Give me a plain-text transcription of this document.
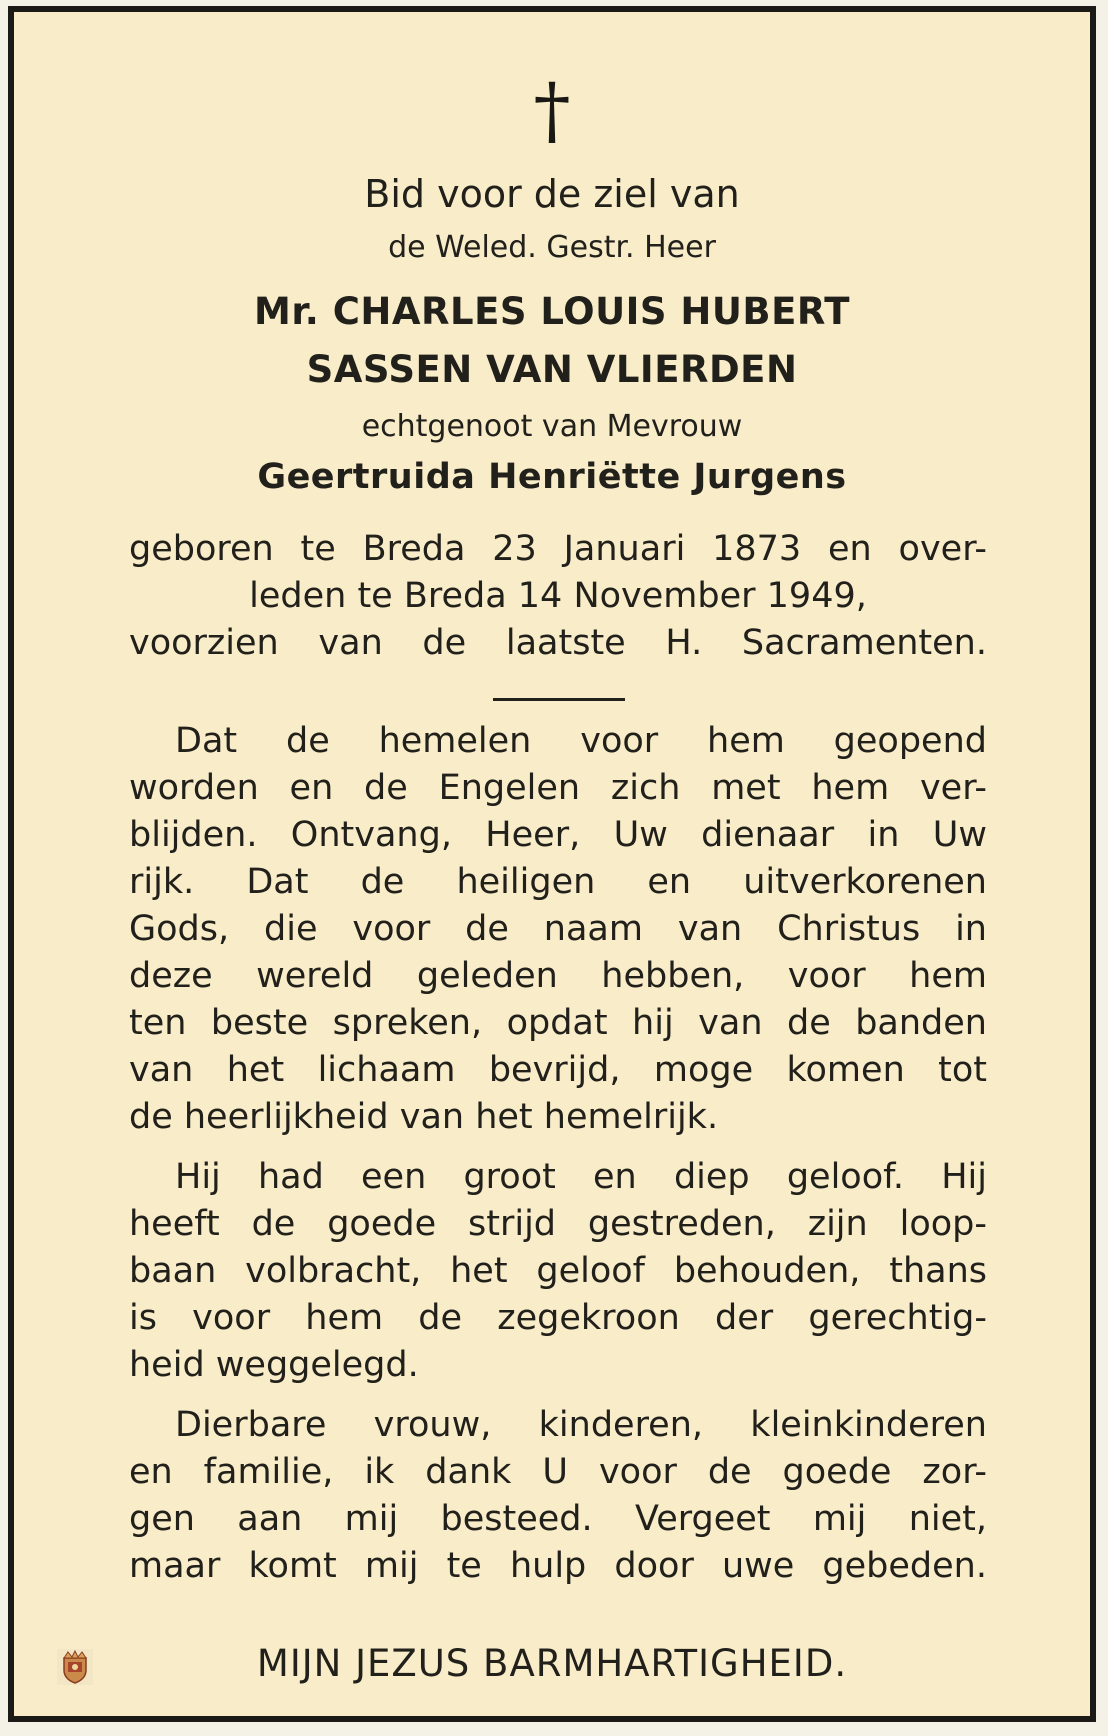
†
Bid voor de ziel van
de Weled. Gestr. Heer
Mr. CHARLES LOUIS HUBERT
SASSEN VAN VLIERDEN
echtgenoot van Mevrouw
Geertruida Henriëtte Jurgens
geboren te Breda 23 Januari 1873 en over-
leden te Breda 14 November 1949,
voorzien van de laatste H. Sacramenten.
Dat de hemelen voor hem geopend
worden en de Engelen zich met hem ver-
blijden. Ontvang, Heer, Uw dienaar in Uw
rijk. Dat de heiligen en uitverkorenen
Gods, die voor de naam van Christus in
deze wereld geleden hebben, voor hem
ten beste spreken, opdat hij van de banden
van het lichaam bevrijd, moge komen tot
de heerlijkheid van het hemelrijk.
Hij had een groot en diep geloof. Hij
heeft de goede strijd gestreden, zijn loop-
baan volbracht, het geloof behouden, thans
is voor hem de zegekroon der gerechtig-
heid weggelegd.
Dierbare vrouw, kinderen, kleinkinderen
en familie, ik dank U voor de goede zor-
gen aan mij besteed. Vergeet mij niet,
maar komt mij te hulp door uwe gebeden.
MIJN JEZUS BARMHARTIGHEID.
